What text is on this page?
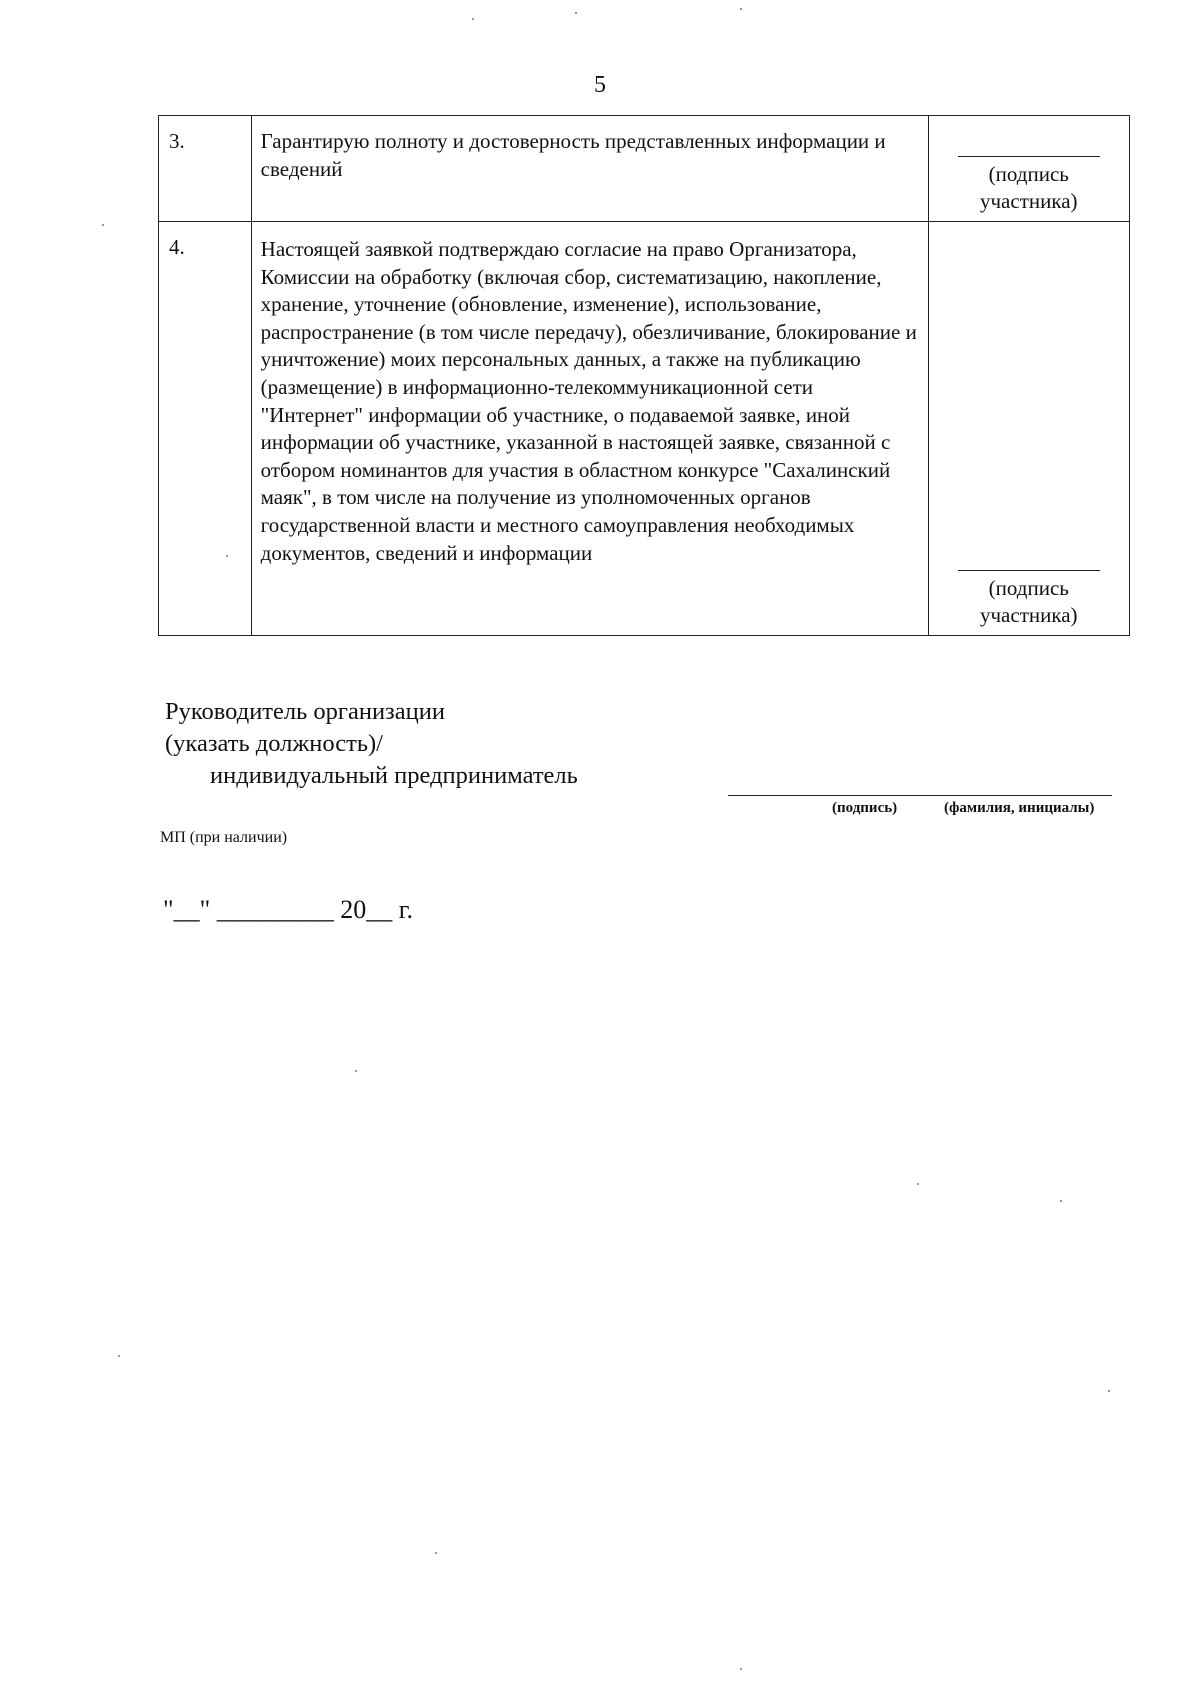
5
3.	Гарантирую полноту и достоверность представленных информации и сведений	(подпись
участника)

4.	Настоящей заявкой подтверждаю согласие на право Организатора, Комиссии на обработку (включая сбор, систематизацию, накопление, хранение, уточнение (обновление, изменение), использование, распространение (в том числе передачу), обезличивание, блокирование и уничтожение) моих персональных данных, а также на публикацию (размещение) в информационно-телекоммуникационной сети "Интернет" информации об участнике, о подаваемой заявке, иной информации об участнике, указанной в настоящей заявке, связанной с отбором номинантов для участия в областном конкурсе "Сахалинский маяк", в том числе на получение из уполномоченных органов государственной власти и местного самоуправления необходимых документов, сведений и информации	(подпись
участника)
Руководитель организации
(указать должность)/
индивидуальный предприниматель
(подпись)	(фамилия, инициалы)
МП (при наличии)
"__" _________ 20__ г.
